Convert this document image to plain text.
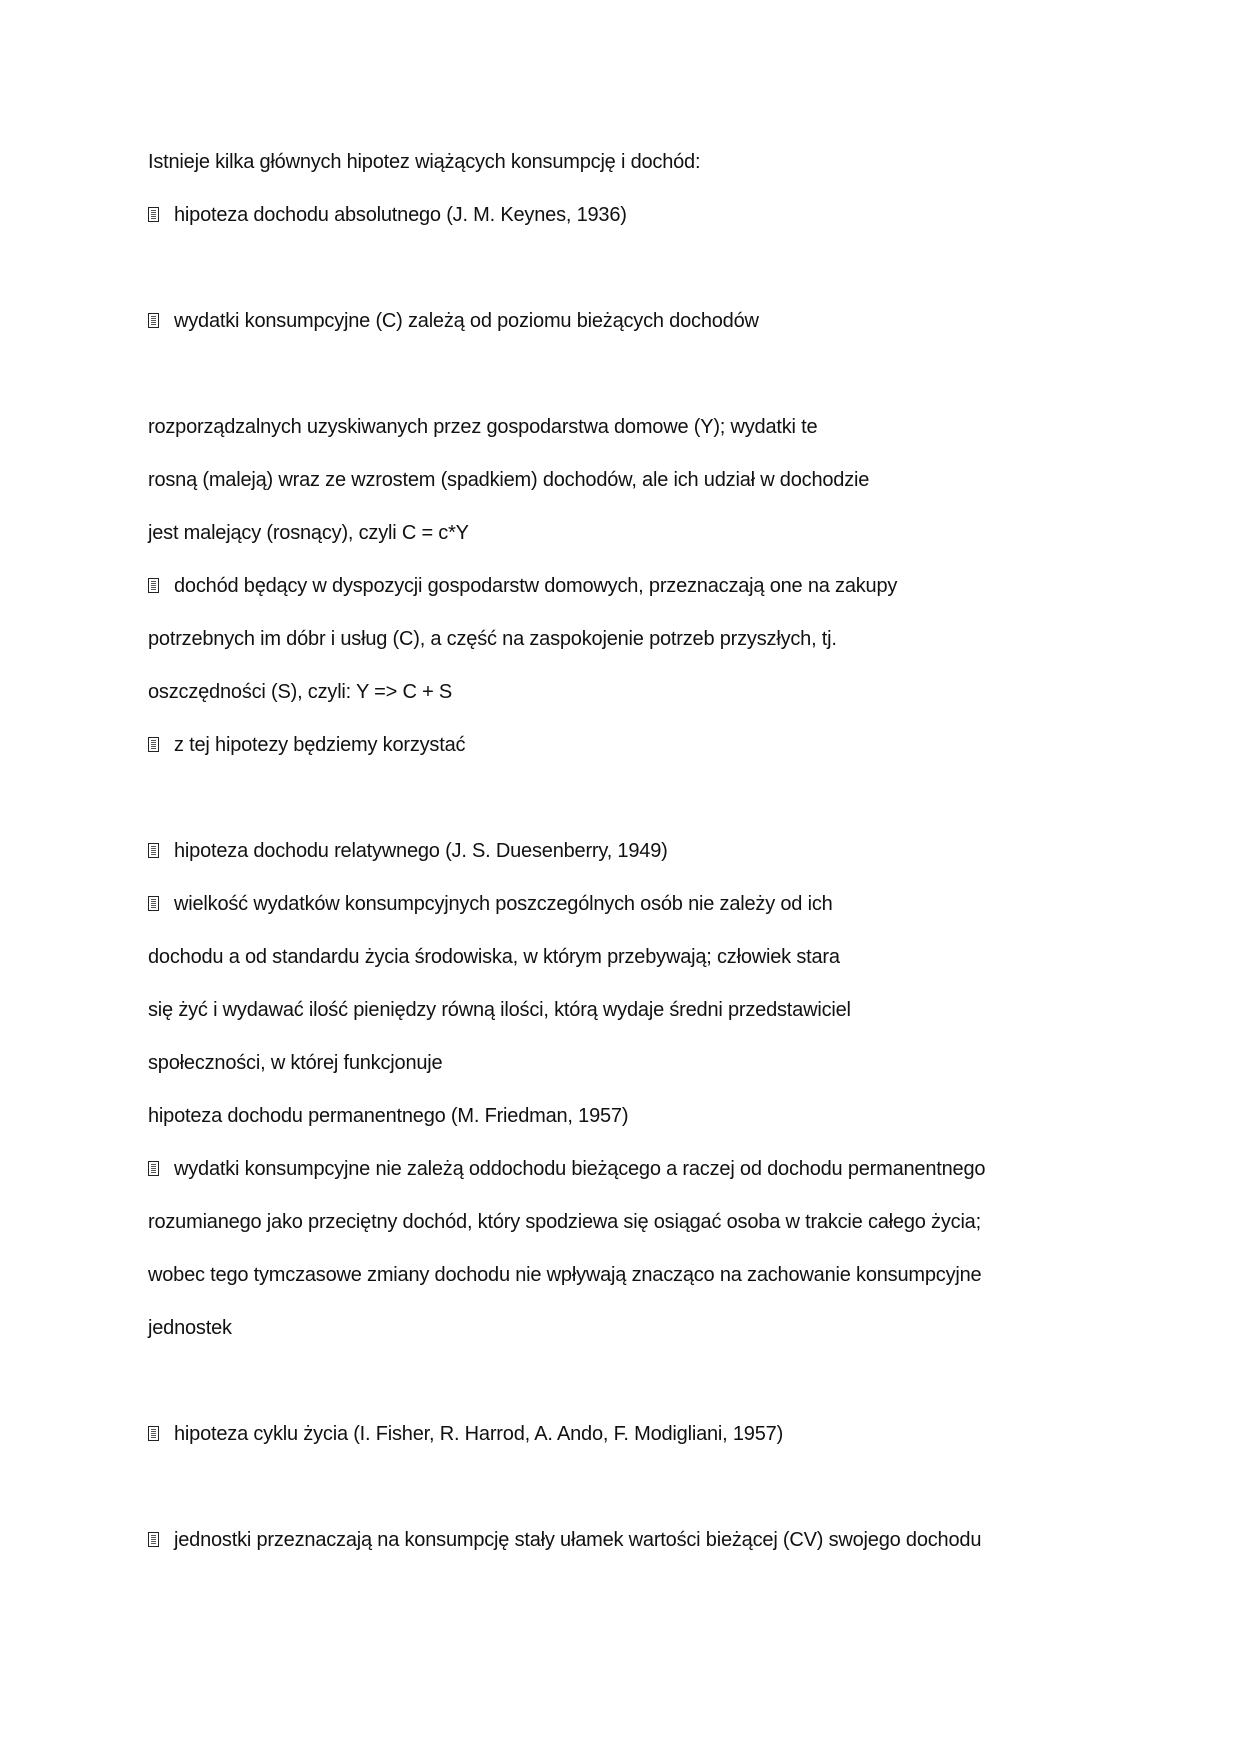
Istnieje kilka głównych hipotez wiążących konsumpcję i dochód:
hipoteza dochodu absolutnego (J. M. Keynes, 1936)
wydatki konsumpcyjne (C) zależą od poziomu bieżących dochodów
rozporządzalnych uzyskiwanych przez gospodarstwa domowe (Y); wydatki te
rosną (maleją) wraz ze wzrostem (spadkiem) dochodów, ale ich udział w dochodzie
jest malejący (rosnący), czyli C = c*Y
dochód będący w dyspozycji gospodarstw domowych, przeznaczają one na zakupy
potrzebnych im dóbr i usług (C), a część na zaspokojenie potrzeb przyszłych, tj.
oszczędności (S), czyli: Y => C + S
z tej hipotezy będziemy korzystać
hipoteza dochodu relatywnego (J. S. Duesenberry, 1949)
wielkość wydatków konsumpcyjnych poszczególnych osób nie zależy od ich
dochodu a od standardu życia środowiska, w którym przebywają; człowiek stara
się żyć i wydawać ilość pieniędzy równą ilości, którą wydaje średni przedstawiciel
społeczności, w której funkcjonuje
hipoteza dochodu permanentnego (M. Friedman, 1957)
wydatki konsumpcyjne nie zależą oddochodu bieżącego a raczej od dochodu permanentnego
rozumianego jako przeciętny dochód, który spodziewa się osiągać osoba w trakcie całego życia;
wobec tego tymczasowe zmiany dochodu nie wpływają znacząco na zachowanie konsumpcyjne
jednostek
hipoteza cyklu życia (I. Fisher, R. Harrod, A. Ando, F. Modigliani, 1957)
jednostki przeznaczają na konsumpcję stały ułamek wartości bieżącej (CV) swojego dochodu
